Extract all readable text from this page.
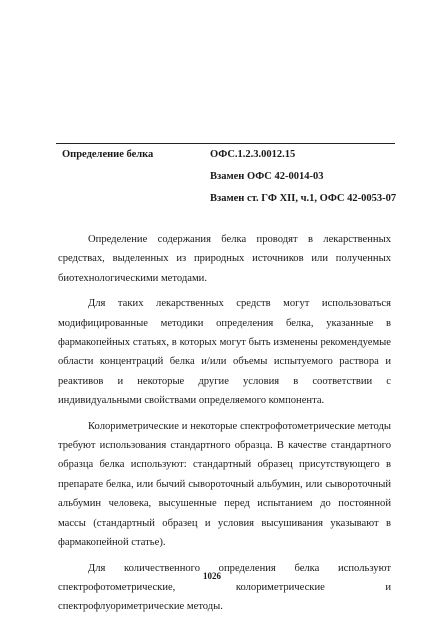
Определение белка	ОФС.1.2.3.0012.15
Взамен ОФС 42-0014-03
Взамен ст. ГФ XII, ч.1, ОФС 42-0053-07

Определение содержания белка проводят в лекарственных средствах, выделенных из природных источников или полученных биотехнологическими методами.

Для таких лекарственных средств могут использоваться модифицированные методики определения белка, указанные в фармакопейных статьях, в которых могут быть изменены рекомендуемые области концентраций белка и/или объемы испытуемого раствора и реактивов и некоторые другие условия в соответствии с индивидуальными свойствами определяемого компонента.

Колориметрические и некоторые спектрофотометрические методы требуют использования стандартного образца. В качестве стандартного образца белка используют: стандартный образец присутствующего в препарате белка, или бычий сывороточный альбумин, или сывороточный альбумин человека, высушенные перед испытанием до постоянной массы (стандартный образец и условия высушивания указывают в фармакопейной статье).

Для количественного определения белка используют спектрофотометрические, колориметрические и спектрофлуориметрические методы.

1026
